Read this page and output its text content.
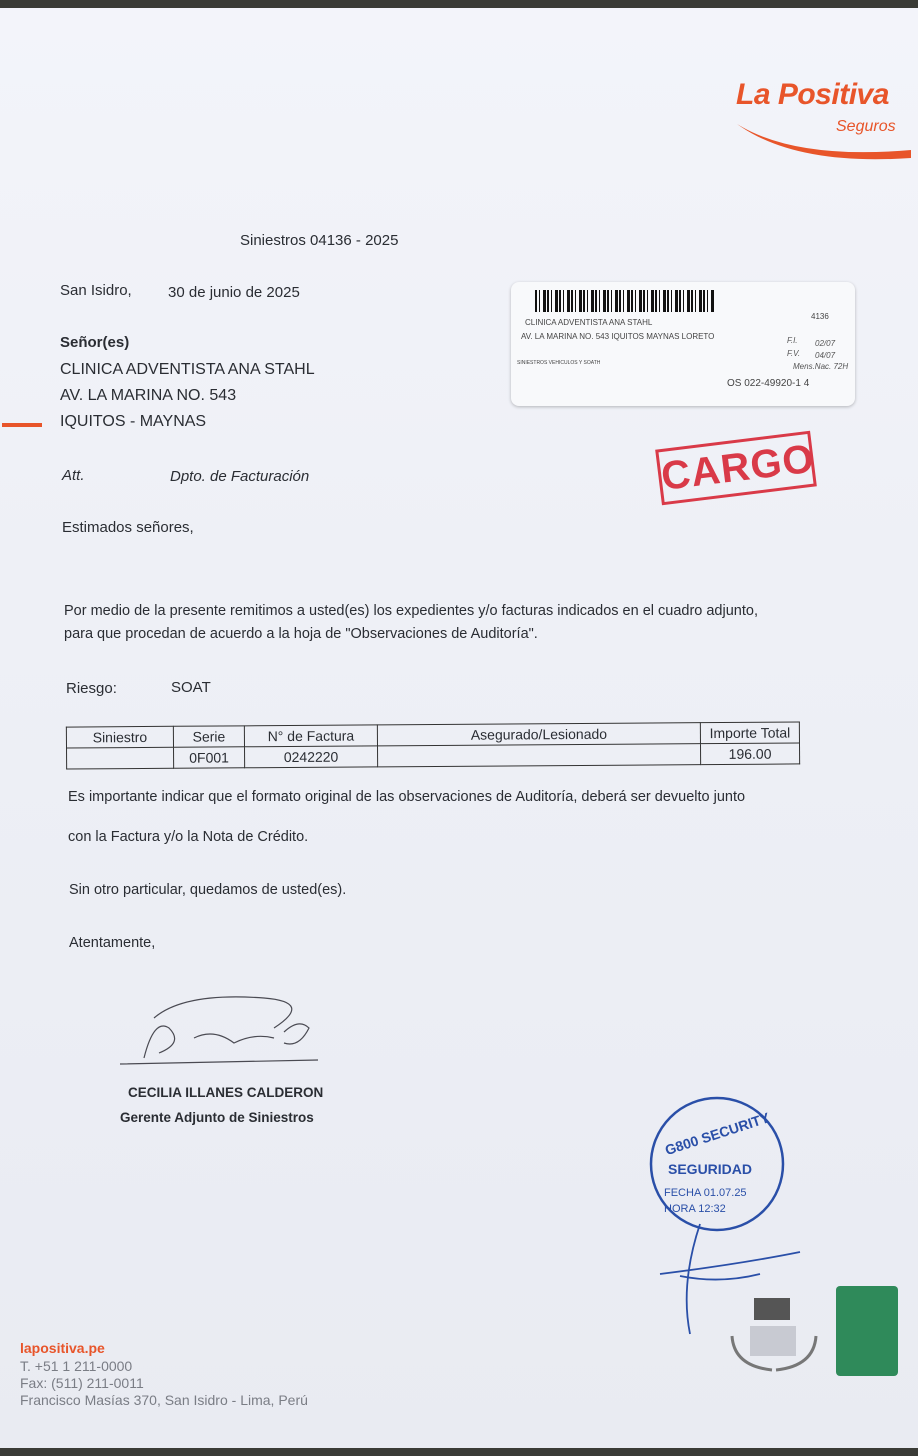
La Positiva
Seguros
Siniestros 04136 - 2025
San Isidro, 30 de junio de 2025
Señor(es)
CLINICA ADVENTISTA ANA STAHL
AV. LA MARINA NO. 543
IQUITOS - MAYNAS
Att.	Dpto. de Facturación
4136
CLINICA ADVENTISTA ANA STAHL
AV. LA MARINA NO. 543 IQUITOS MAYNAS LORETO	F.I. 02/07
F.V. 04/07
Mens.Nac. 72H
SINIESTROS VEHICULOS Y SOATH
OS 022-49920-1 4
CARGO
Estimados señores,
Por medio de la presente remitimos a usted(es) los expedientes y/o facturas indicados en el cuadro adjunto,
para que procedan de acuerdo a la hoja de "Observaciones de Auditoría".
Riesgo:	SOAT
Siniestro	Serie	N° de Factura	Asegurado/Lesionado	Importe Total
	0F001	0242220		196.00
Es importante indicar que el formato original de las observaciones de Auditoría, deberá ser devuelto junto
con la Factura y/o la Nota de Crédito.
Sin otro particular, quedamos de usted(es).
Atentamente,
CECILIA ILLANES CALDERON
Gerente Adjunto de Siniestros	G800 SECURITY
SEGURIDAD
FECHA 01.07.25
HORA 12:32
lapositiva.pe
T. +51 1 211-0000
Fax: (511) 211-0011
Francisco Masías 370, San Isidro - Lima, Perú
